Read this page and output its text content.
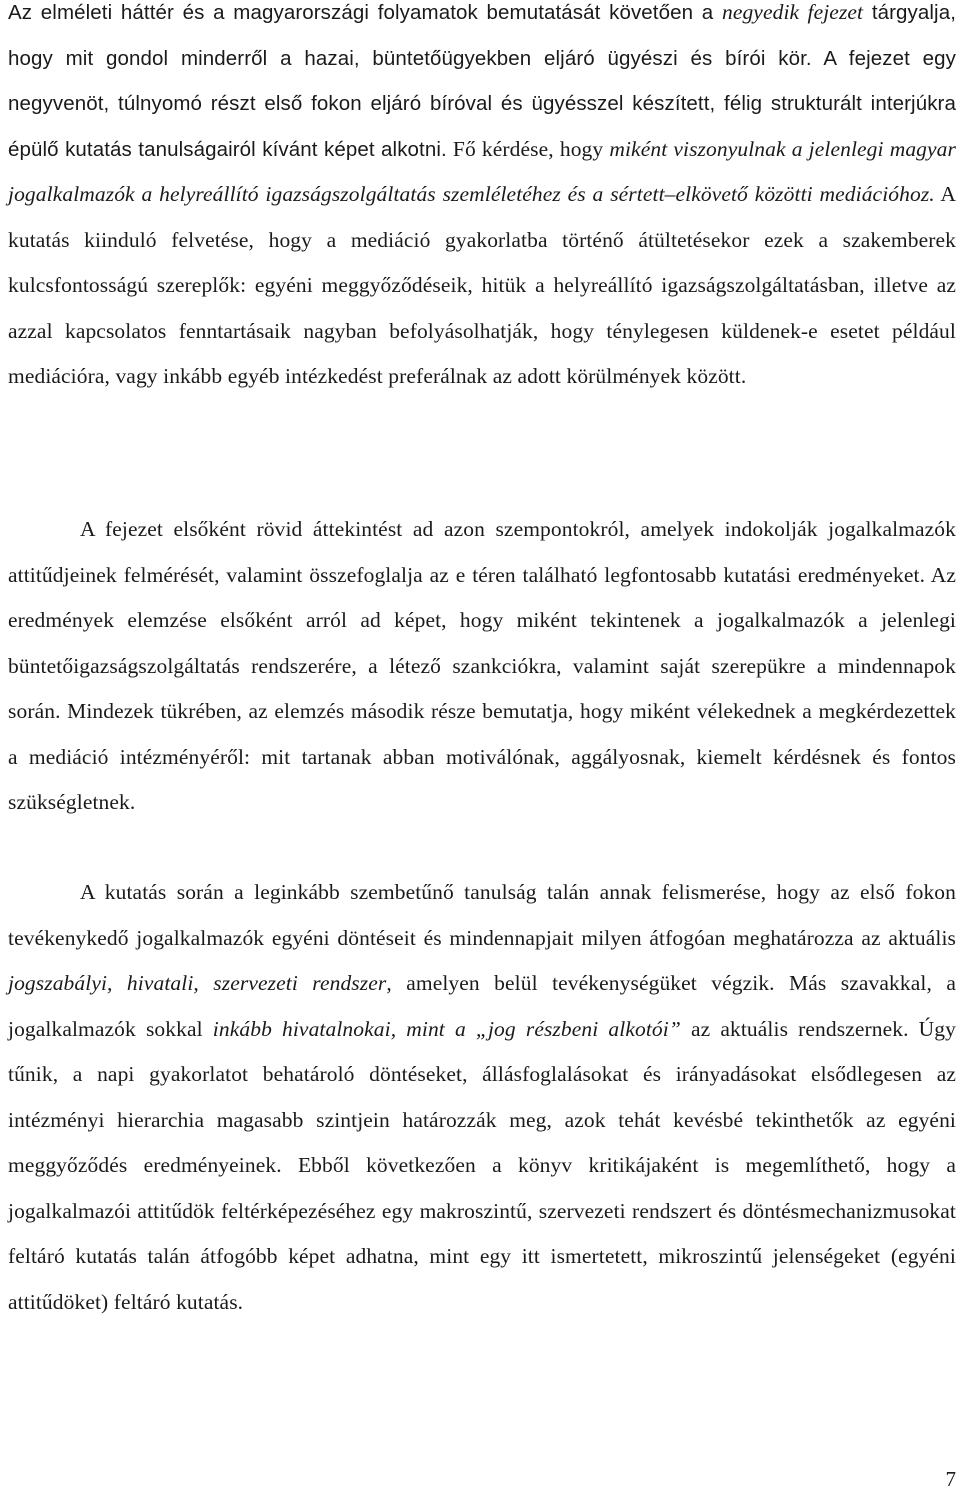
Az elméleti háttér és a magyarországi folyamatok bemutatását követően a negyedik fejezet tárgyalja, hogy mit gondol minderről a hazai, büntetőügyekben eljáró ügyészi és bírói kör. A fejezet egy negyvenöt, túlnyomó részt első fokon eljáró bíróval és ügyésszel készített, félig strukturált interjúkra épülő kutatás tanulságairól kívánt képet alkotni. Fő kérdése, hogy miként viszonyulnak a jelenlegi magyar jogalkalmazók a helyreállító igazságszolgáltatás szemléletéhez és a sértett–elkövető közötti mediációhoz. A kutatás kiinduló felvetése, hogy a mediáció gyakorlatba történő átültetésekor ezek a szakemberek kulcsfontosságú szereplők: egyéni meggyőződéseik, hitük a helyreállító igazságszolgáltatásban, illetve az azzal kapcsolatos fenntartásaik nagyban befolyásolhatják, hogy ténylegesen küldenek-e esetet például mediációra, vagy inkább egyéb intézkedést preferálnak az adott körülmények között.

A fejezet elsőként rövid áttekintést ad azon szempontokról, amelyek indokolják jogalkalmazók attitűdjeinek felmérését, valamint összefoglalja az e téren található legfontosabb kutatási eredményeket. Az eredmények elemzése elsőként arról ad képet, hogy miként tekintenek a jogalkalmazók a jelenlegi büntetőigazságszolgáltatás rendszerére, a létező szankciókra, valamint saját szerepükre a mindennapok során. Mindezek tükrében, az elemzés második része bemutatja, hogy miként vélekednek a megkérdezettek a mediáció intézményéről: mit tartanak abban motiválónak, aggályosnak, kiemelt kérdésnek és fontos szükségletnek.

A kutatás során a leginkább szembetűnő tanulság talán annak felismerése, hogy az első fokon tevékenykedő jogalkalmazók egyéni döntéseit és mindennapjait milyen átfogóan meghatározza az aktuális jogszabályi, hivatali, szervezeti rendszer, amelyen belül tevékenységüket végzik. Más szavakkal, a jogalkalmazók sokkal inkább hivatalnokai, mint a „jog részbeni alkotói” az aktuális rendszernek. Úgy tűnik, a napi gyakorlatot behatároló döntéseket, állásfoglalásokat és irányadásokat elsődlegesen az intézményi hierarchia magasabb szintjein határozzák meg, azok tehát kevésbé tekinthetők az egyéni meggyőződés eredményeinek. Ebből következően a könyv kritikájaként is megemlíthető, hogy a jogalkalmazói attitűdök feltérképezéséhez egy makroszintű, szervezeti rendszert és döntésmechanizmusokat feltáró kutatás talán átfogóbb képet adhatna, mint egy itt ismertetett, mikroszintű jelenségeket (egyéni attitűdöket) feltáró kutatás.

7
